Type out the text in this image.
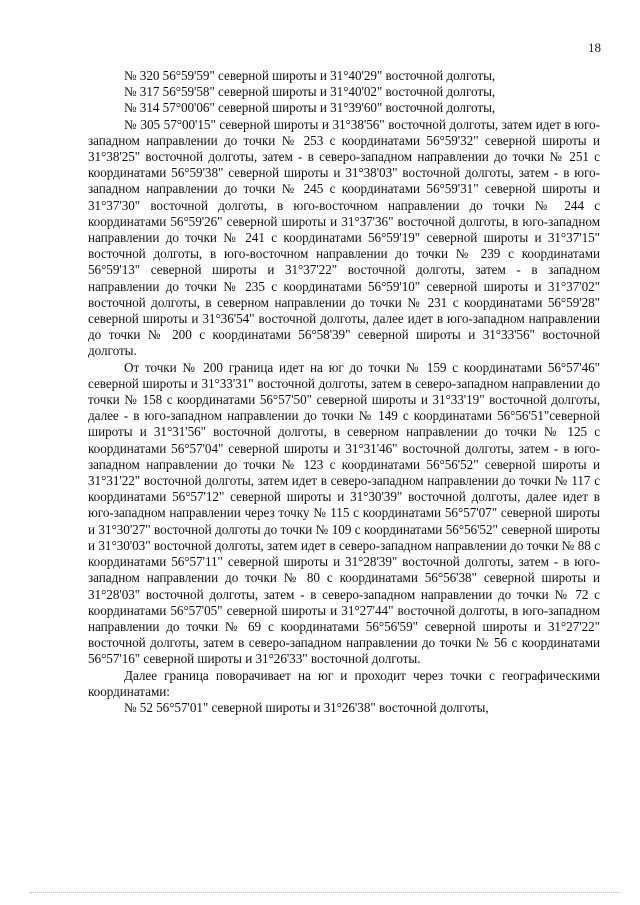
18

№ 320 56°59'59" северной широты и 31°40'29" восточной долготы,

№ 317 56°59'58" северной широты и 31°40'02" восточной долготы,

№ 314 57°00'06" северной широты и 31°39'60" восточной долготы,

№ 305 57°00'15" северной широты и 31°38'56" восточной долготы, затем идет в юго-западном направлении до точки № 253 с координатами 56°59'32" северной широты и 31°38'25" восточной долготы, затем - в северо-западном направлении до точки № 251 с координатами 56°59'38" северной широты и 31°38'03" восточной долготы, затем - в юго-западном направлении до точки № 245 с координатами 56°59'31" северной широты и 31°37'30" восточной долготы, в юго-восточном направлении до точки № 244 с координатами 56°59'26" северной широты и 31°37'36" восточной долготы, в юго-западном направлении до точки № 241 с координатами 56°59'19" северной широты и 31°37'15" восточной долготы, в юго-восточном направлении до точки № 239 с координатами 56°59'13" северной широты и 31°37'22" восточной долготы, затем - в западном направлении до точки № 235 с координатами 56°59'10" северной широты и 31°37'02" восточной долготы, в северном направлении до точки № 231 с координатами 56°59'28" северной широты и 31°36'54" восточной долготы, далее идет в юго-западном направлении до точки № 200 с координатами 56°58'39" северной широты и 31°33'56" восточной долготы.

От точки № 200 граница идет на юг до точки № 159 с координатами 56°57'46" северной широты и 31°33'31" восточной долготы, затем в северо-западном направлении до точки № 158 с координатами 56°57'50" северной широты и 31°33'19" восточной долготы, далее - в юго-западном направлении до точки № 149 с координатами 56°56'51"северной широты и 31°31'56" восточной долготы, в северном направлении до точки № 125 с координатами 56°57'04" северной широты и 31°31'46" восточной долготы, затем - в юго-западном направлении до точки № 123 с координатами 56°56'52" северной широты и 31°31'22" восточной долготы, затем идет в северо-западном направлении до точки № 117 с координатами 56°57'12" северной широты и 31°30'39" восточной долготы, далее идет в юго-западном направлении через точку № 115 с координатами 56°57'07" северной широты и 31°30'27" восточной долготы до точки № 109 с координатами 56°56'52" северной широты и 31°30'03" восточной долготы, затем идет в северо-западном направлении до точки № 88 с координатами 56°57'11" северной широты и 31°28'39" восточной долготы, затем - в юго-западном направлении до точки № 80 с координатами 56°56'38" северной широты и 31°28'03" восточной долготы, затем - в северо-западном направлении до точки № 72 с координатами 56°57'05" северной широты и 31°27'44" восточной долготы, в юго-западном направлении до точки № 69 с координатами 56°56'59" северной широты и 31°27'22" восточной долготы, затем в северо-западном направлении до точки № 56 с координатами 56°57'16" северной широты и 31°26'33" восточной долготы.

Далее граница поворачивает на юг и проходит через точки с географическими координатами:

№ 52 56°57'01" северной широты и 31°26'38" восточной долготы,
